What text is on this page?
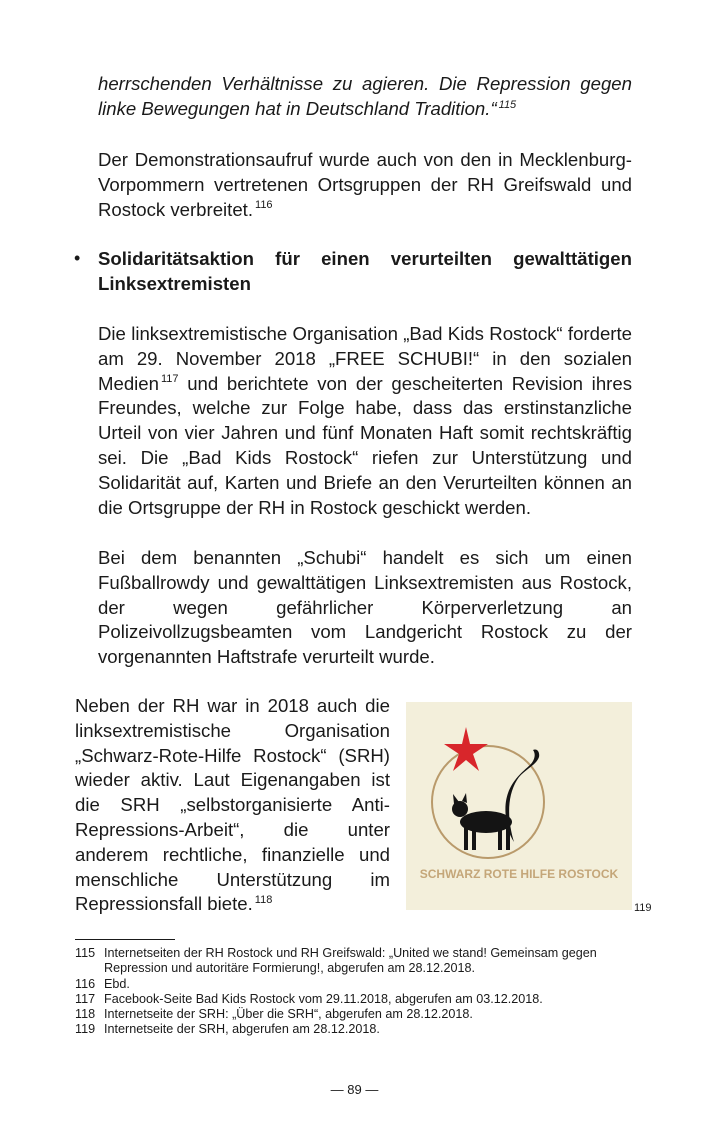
herrschenden Verhältnisse zu agieren. Die Repression gegen linke Bewegungen hat in Deutschland Tradition.“ $^{115}$

Der Demonstrationsaufruf wurde auch von den in Mecklenburg-Vorpommern vertretenen Ortsgruppen der RH Greifswald und Rostock verbreitet. $^{116}$

• Solidaritätsaktion für einen verurteilten gewalttätigen Linksextremisten

Die linksextremistische Organisation „Bad Kids Rostock“ forderte am 29. November 2018 „FREE SCHUBI!“ in den sozialen Medien $^{117}$ und berichtete von der gescheiterten Revision ihres Freundes, welche zur Folge habe, dass das erstinstanzliche Urteil von vier Jahren und fünf Monaten Haft somit rechtskräftig sei. Die „Bad Kids Rostock“ riefen zur Unterstützung und Solidarität auf, Karten und Briefe an den Verurteilten können an die Ortsgruppe der RH in Rostock geschickt werden.

Bei dem benannten „Schubi“ handelt es sich um einen Fußballrowdy und gewalttätigen Linksextremisten aus Rostock, der wegen gefährlicher Körperverletzung an Polizeivollzugsbeamten vom Landgericht Rostock zu der vorgenannten Haftstrafe verurteilt wurde.

Neben der RH war in 2018 auch die linksextremistische Organisation „Schwarz-Rote-Hilfe Rostock“ (SRH) wieder aktiv. Laut Eigenangaben ist die SRH „selbstorganisierte Anti-Repressions-Arbeit“, die unter anderem rechtliche, finanzielle und menschliche Unterstützung im Repressionsfall biete. $^{118}$

SCHWARZ ROTE HILFE ROSTOCK
119

115 Internetseiten der RH Rostock und RH Greifswald: „United we stand! Gemeinsam gegen Repression und autoritäre Formierung!, abgerufen am 28.12.2018.

116 Ebd.

117 Facebook-Seite Bad Kids Rostock vom 29.11.2018, abgerufen am 03.12.2018.

118 Internetseite der SRH: „Über die SRH“, abgerufen am 28.12.2018.

119 Internetseite der SRH, abgerufen am 28.12.2018.

— 89 —
